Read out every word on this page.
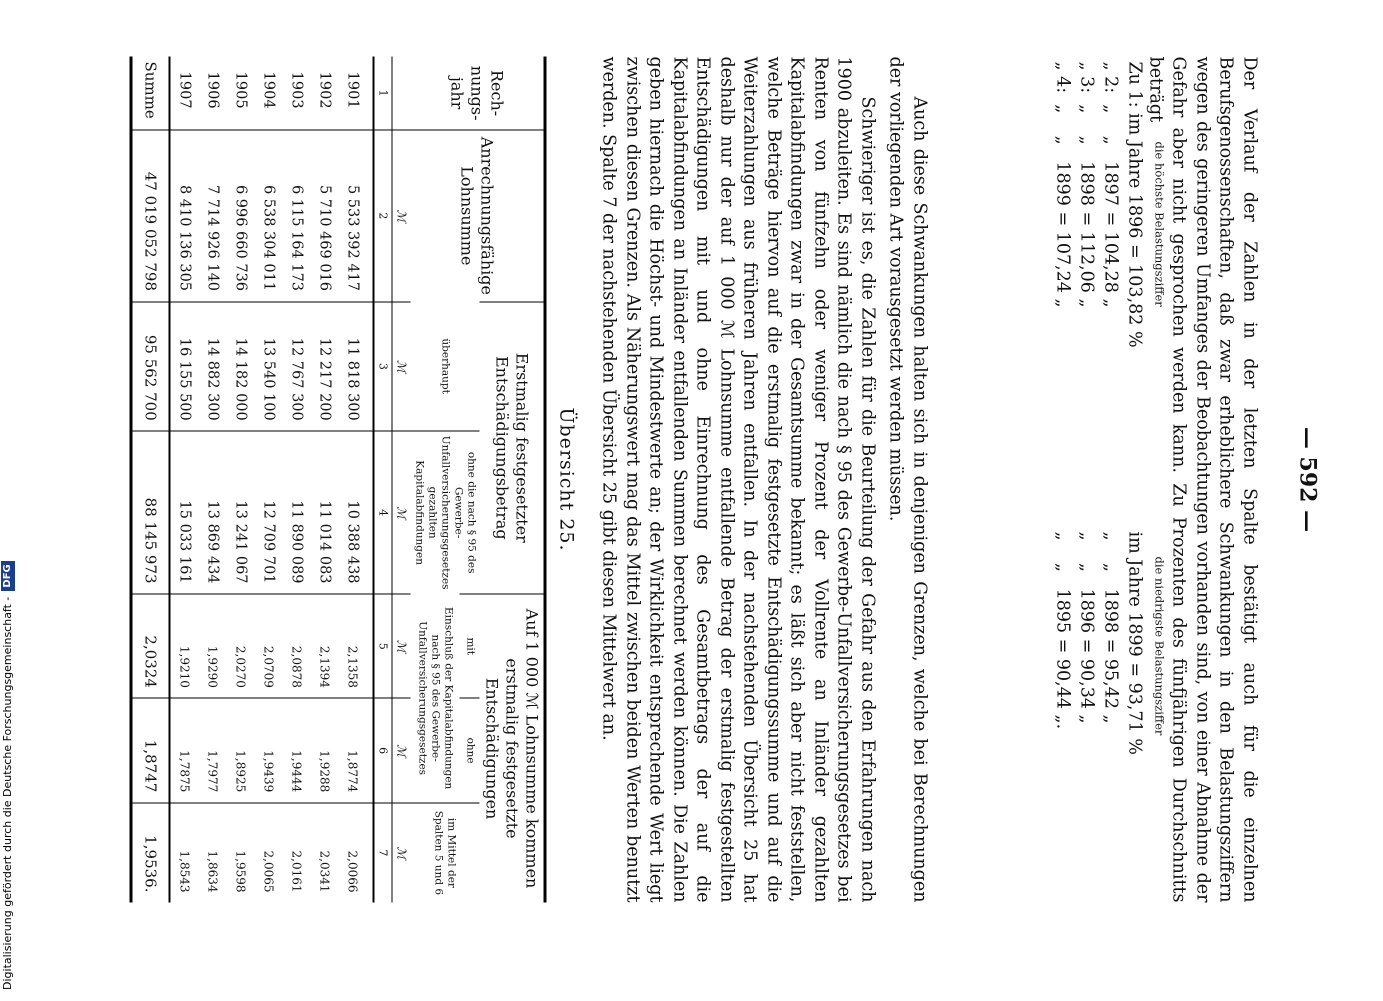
Digitalisierung gefördert durch die Deutsche Forschungsgemeinschaft -
DFG
— 592 —
Der Verlauf der Zahlen in der letzten Spalte bestätigt auch für die einzelnen Berufsgenossenschaften, daß zwar erheblichere Schwankungen in den Belastungsziffern wegen des geringeren Umfanges der Beobachtungen vorhanden sind, von einer Abnahme der Gefahr aber nicht gesprochen werden kann. Zu Prozenten des fünfjährigen Durchschnitts beträgt
die höchste Belastungsziffer
die niedrigste Belastungsziffer
Zu 1: im Jahre 1896 = 103,82 %
im Jahre 1899 = 93,71 %
„ 2:  „    „   1897 = 104,28 „
„    „   1898 = 95,42 „
„ 3:  „    „   1898 = 112,06 „
„    „   1896 = 90,34 „
„ 4:  „    „   1899 = 107,24 „
„    „   1895 = 90,44 „.
Auch diese Schwankungen halten sich in denjenigen Grenzen, welche bei Berechnungen der vorliegenden Art vorausgesetzt werden müssen.
Schwieriger ist es, die Zahlen für die Beurteilung der Gefahr aus den Erfahrungen nach 1900 abzuleiten. Es sind nämlich die nach § 95 des Gewerbe-Unfallversicherungsgesetzes bei Renten von fünfzehn oder weniger Prozent der Vollrente an Inländer gezahlten Kapitalabfindungen zwar in der Gesamtsumme bekannt; es läßt sich aber nicht feststellen, welche Beträge hiervon auf die erstmalig festgesetzte Entschädigungssumme und auf die Weiterzahlungen aus früheren Jahren entfallen. In der nachstehenden Übersicht 25 hat deshalb nur der auf 1 000 ℳ Lohnsumme entfallende Betrag der erstmalig festgestellten Entschädigungen mit und ohne Einrechnung des Gesamtbetrags der auf die Kapitalabfindungen an Inländer entfallenden Summen berechnet werden können. Die Zahlen geben hiernach die Höchst- und Mindestwerte an; der Wirklichkeit entsprechende Wert liegt zwischen diesen Grenzen. Als Näherungswert mag das Mittel zwischen beiden Werten benutzt werden. Spalte 7 der nachstehenden Übersicht 25 gibt diesen Mittelwert an.
Übersicht 25.
Rech-nungs-jahr	Anrechnungsfähige Lohnsumme	Erstmalig festgesetzter Entschädigungsbetrag		Auf 1 000 ℳ Lohnsumme kommen erstmalig festgesetzte Entschädigungen		
		überhaupt	ohne die nach § 95 des Gewerbe-Unfallversicherungsgesetzes gezahlten Kapitalabfindungen	mit	ohne	im Mittel der Spalten 5 und 6
				Einschluß der Kapitalabfindungen nach § 95 des Gewerbe-Unfallversicherungsgesetzes		
	ℳ	ℳ	ℳ	ℳ	ℳ	ℳ
1	2	3	4	5	6	7
1901	5 533 392 417	11 818 300	10 388 438	2,1358	1,8774	2,0066
1902	5 710 469 016	12 217 200	11 014 083	2,1394	1,9288	2,0341
1903	6 115 164 173	12 767 300	11 890 089	2,0878	1,9444	2,0161
1904	6 538 304 011	13 540 100	12 709 701	2,0709	1,9439	2,0065
1905	6 996 660 736	14 182 000	13 241 067	2,0270	1,8925	1,9598
1906	7 714 926 140	14 882 300	13 869 434	1,9290	1,7977	1,8634
1907	8 410 136 305	16 155 500	15 033 161	1,9210	1,7875	1,8543
Summe	47 019 052 798	95 562 700	88 145 973	2,0324	1,8747	1,9536.
